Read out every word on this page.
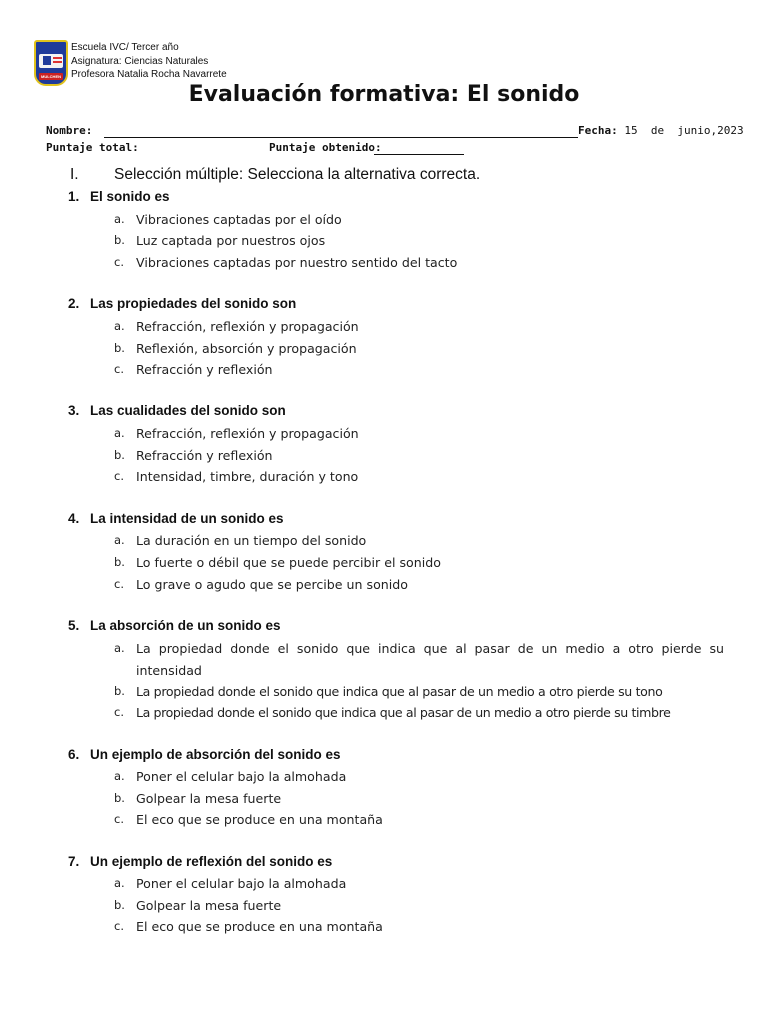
MULCHEN
Escuela IVC/ Tercer año
Asignatura: Ciencias Naturales
Profesora Natalia Rocha Navarrete
Evaluación formativa: El sonido
Nombre:	Fecha: 15  de  junio,2023
Puntaje total:	Puntaje obtenido:
I. Selección múltiple: Selecciona la alternativa correcta.
1. El sonido es
a. Vibraciones captadas por el oído
b. Luz captada por nuestros ojos
c. Vibraciones captadas por nuestro sentido del tacto
2. Las propiedades del sonido son
a. Refracción, reflexión y propagación
b. Reflexión, absorción y propagación
c. Refracción y reflexión
3. Las cualidades del sonido son
a. Refracción, reflexión y propagación
b. Refracción y reflexión
c. Intensidad, timbre, duración y tono
4. La intensidad de un sonido es
a. La duración en un tiempo del sonido
b. Lo fuerte o débil que se puede percibir el sonido
c. Lo grave o agudo que se percibe un sonido
5. La absorción de un sonido es
a. La propiedad donde el sonido que indica que al pasar de un medio a otro pierde su intensidad
b. La propiedad donde el sonido que indica que al pasar de un medio a otro pierde su tono
c. La propiedad donde el sonido que indica que al pasar de un medio a otro pierde su timbre
6. Un ejemplo de absorción del sonido es
a. Poner el celular bajo la almohada
b. Golpear la mesa fuerte
c. El eco que se produce en una montaña
7. Un ejemplo de reflexión del sonido es
a. Poner el celular bajo la almohada
b. Golpear la mesa fuerte
c. El eco que se produce en una montaña
